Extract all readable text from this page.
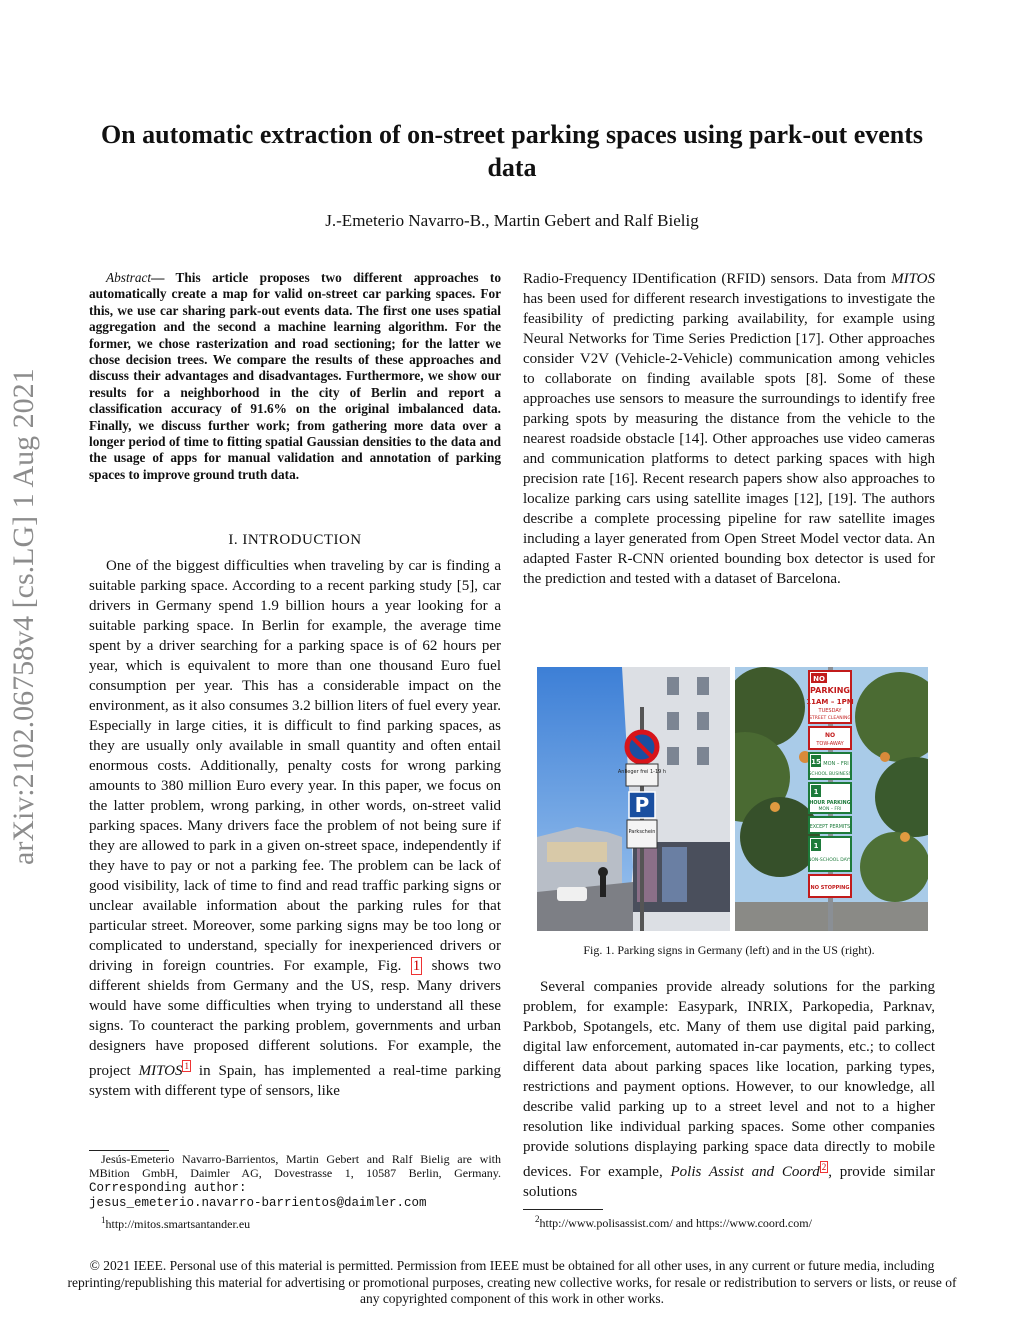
arXiv:2102.06758v4 [cs.LG] 1 Aug 2021
On automatic extraction of on-street parking spaces using park-out events data
J.-Emeterio Navarro-B., Martin Gebert and Ralf Bielig
Abstract— This article proposes two different approaches to automatically create a map for valid on-street car parking spaces. For this, we use car sharing park-out events data. The first one uses spatial aggregation and the second a machine learning algorithm. For the former, we chose rasterization and road sectioning; for the latter we chose decision trees. We compare the results of these approaches and discuss their advantages and disadvantages. Furthermore, we show our results for a neighborhood in the city of Berlin and report a classification accuracy of 91.6% on the original imbalanced data. Finally, we discuss further work; from gathering more data over a longer period of time to fitting spatial Gaussian densities to the data and the usage of apps for manual validation and annotation of parking spaces to improve ground truth data.
I. INTRODUCTION

One of the biggest difficulties when traveling by car is finding a suitable parking space. According to a recent parking study [5], car drivers in Germany spend 1.9 billion hours a year looking for a suitable parking space. In Berlin for example, the average time spent by a driver searching for a parking space is of 62 hours per year, which is equivalent to more than one thousand Euro fuel consumption per year. This has a considerable impact on the environment, as it also consumes 3.2 billion liters of fuel every year. Especially in large cities, it is difficult to find parking spaces, as they are usually only available in small quantity and often entail enormous costs. Additionally, penalty costs for wrong parking amounts to 380 million Euro every year. In this paper, we focus on the latter problem, wrong parking, in other words, on-street valid parking spaces. Many drivers face the problem of not being sure if they are allowed to park in a given on-street space, independently if they have to pay or not a parking fee. The problem can be lack of good visibility, lack of time to find and read traffic parking signs or unclear available information about the parking rules for that particular street. Moreover, some parking signs may be too long or complicated to understand, specially for inexperienced drivers or driving in foreign countries. For example, Fig. 1 shows two different shields from Germany and the US, resp. Many drivers would have some difficulties when trying to understand all these signs. To counteract the parking problem, governments and urban designers have proposed different solutions. For example, the project MITOS $^1$ in Spain, has implemented a real-time parking system with different type of sensors, like

Jesús-Emeterio Navarro-Barrientos, Martin Gebert and Ralf Bielig are with MBition GmbH, Daimler AG, Dovestrasse 1, 10587 Berlin, Germany. Corresponding author:
jesus_emeterio.navarro-barrientos@daimler.com
$^1$http://mitos.smartsantander.eu

Radio-Frequency IDentification (RFID) sensors. Data from MITOS has been used for different research investigations to investigate the feasibility of predicting parking availability, for example using Neural Networks for Time Series Prediction [17]. Other approaches consider V2V (Vehicle-2-Vehicle) communication among vehicles to collaborate on finding available spots [8]. Some of these approaches use sensors to measure the surroundings to identify free parking spots by measuring the distance from the vehicle to the nearest roadside obstacle [14]. Other approaches use video cameras and communication platforms to detect parking spaces with high precision rate [16]. Recent research papers show also approaches to localize parking cars using satellite images [12], [19]. The authors describe a complete processing pipeline for raw satellite images including a layer generated from Open Street Model vector data. An adapted Faster R-CNN oriented bounding box detector is used for the prediction and tested with a dataset of Barcelona.

Anlieger frei 1-19 h
P
Parkschein
NO
PARKING
11AM – 1PM
TUESDAY
STREET CLEANING
NO
TOW-AWAY
15 MON – FRI
SCHOOL BUSINESS
1
HOUR PARKING
MON – FRI
EXCEPT PERMITS
1
NON-SCHOOL DAYS
NO STOPPING
Fig. 1. Parking signs in Germany (left) and in the US (right).

Several companies provide already solutions for the parking problem, for example: Easypark, INRIX, Parkopedia, Parknav, Parkbob, Spotangels, etc. Many of them use digital paid parking, digital law enforcement, automated in-car payments, etc.; to collect different data about parking spaces like location, parking types, restrictions and payment options. However, to our knowledge, all describe valid parking up to a street level and not to a higher resolution like individual parking spaces. Some other companies provide solutions displaying parking space data directly to mobile devices. For example, Polis Assist and Coord $^2$ , provide similar solutions

$^2$http://www.polisassist.com/ and https://www.coord.com/
© 2021 IEEE. Personal use of this material is permitted. Permission from IEEE must be obtained for all other uses, in any current or future media, including reprinting/republishing this material for advertising or promotional purposes, creating new collective works, for resale or redistribution to servers or lists, or reuse of any copyrighted component of this work in other works.
